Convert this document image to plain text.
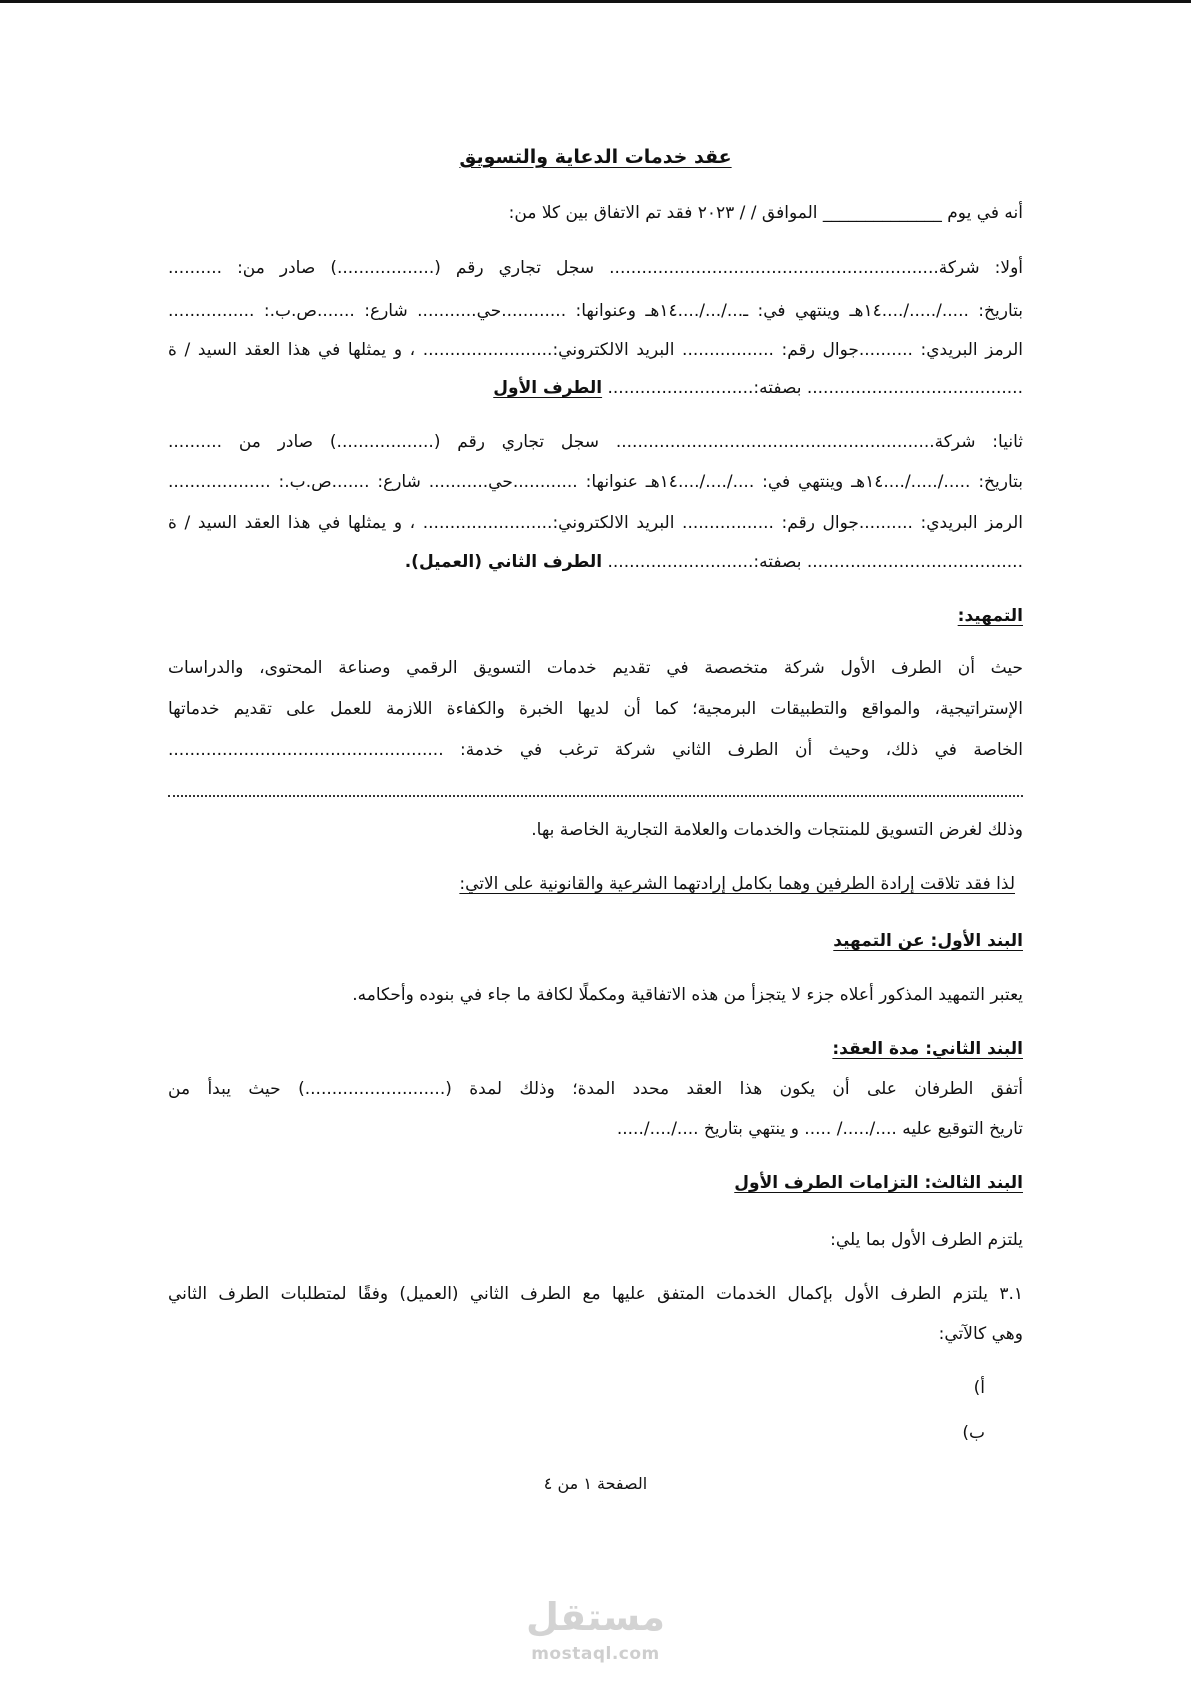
عقد خدمات الدعاية والتسويق
أنه في يوم ______________ الموافق / / ٢٠٢٣ فقد تم الاتفاق بين كلا من:
أولا: شركة............................................................. سجل تجاري رقم (..................) صادر من: ..........
بتاريخ: ...../...../....١٤هـ وينتهي في: ـ.../.../....١٤هـ وعنوانها: ............حي........... شارع: .......ص.ب.: ................
الرمز البريدي: ..........جوال رقم: ................. البريد الالكتروني:........................ ، و يمثلها في هذا العقد السيد / ة
........................................ بصفته:........................... الطرف الأول
ثانيا: شركة........................................................... سجل تجاري رقم (..................) صادر من ..........
بتاريخ: ...../...../....١٤هـ وينتهي في: ..../..../....١٤هـ عنوانها: ............حي........... شارع: .......ص.ب.: ...................
الرمز البريدي: ..........جوال رقم: ................. البريد الالكتروني:........................ ، و يمثلها في هذا العقد السيد / ة
........................................ بصفته:........................... الطرف الثاني (العميل).
التمهيد:
حيث أن الطرف الأول شركة متخصصة في تقديم خدمات التسويق الرقمي وصناعة المحتوى، والدراسات
الإستراتيجية، والمواقع والتطبيقات البرمجية؛ كما أن لديها الخبرة والكفاءة اللازمة للعمل على تقديم خدماتها
الخاصة في ذلك، وحيث أن الطرف الثاني شركة ترغب في خدمة: ...................................................
وذلك لغرض التسويق للمنتجات والخدمات والعلامة التجارية الخاصة بها.
لذا فقد تلاقت إرادة الطرفين وهما بكامل إرادتهما الشرعية والقانونية على الاتي:
البند الأول: عن التمهيد
يعتبر التمهيد المذكور أعلاه جزء لا يتجزأ من هذه الاتفاقية ومكملًا لكافة ما جاء في بنوده وأحكامه.
البند الثاني: مدة العقد:
أتفق الطرفان على أن يكون هذا العقد محدد المدة؛ وذلك لمدة (..........................) حيث يبدأ من
تاريخ التوقيع عليه ..../...../ ..... و ينتهي بتاريخ ..../..../.....
البند الثالث: التزامات الطرف الأول
يلتزم الطرف الأول بما يلي:
٣.١ يلتزم الطرف الأول بإكمال الخدمات المتفق عليها مع الطرف الثاني (العميل) وفقًا لمتطلبات الطرف الثاني
وهي كالآتي:
أ)
ب)
الصفحة ١ من ٤
مستقل
mostaql.com
